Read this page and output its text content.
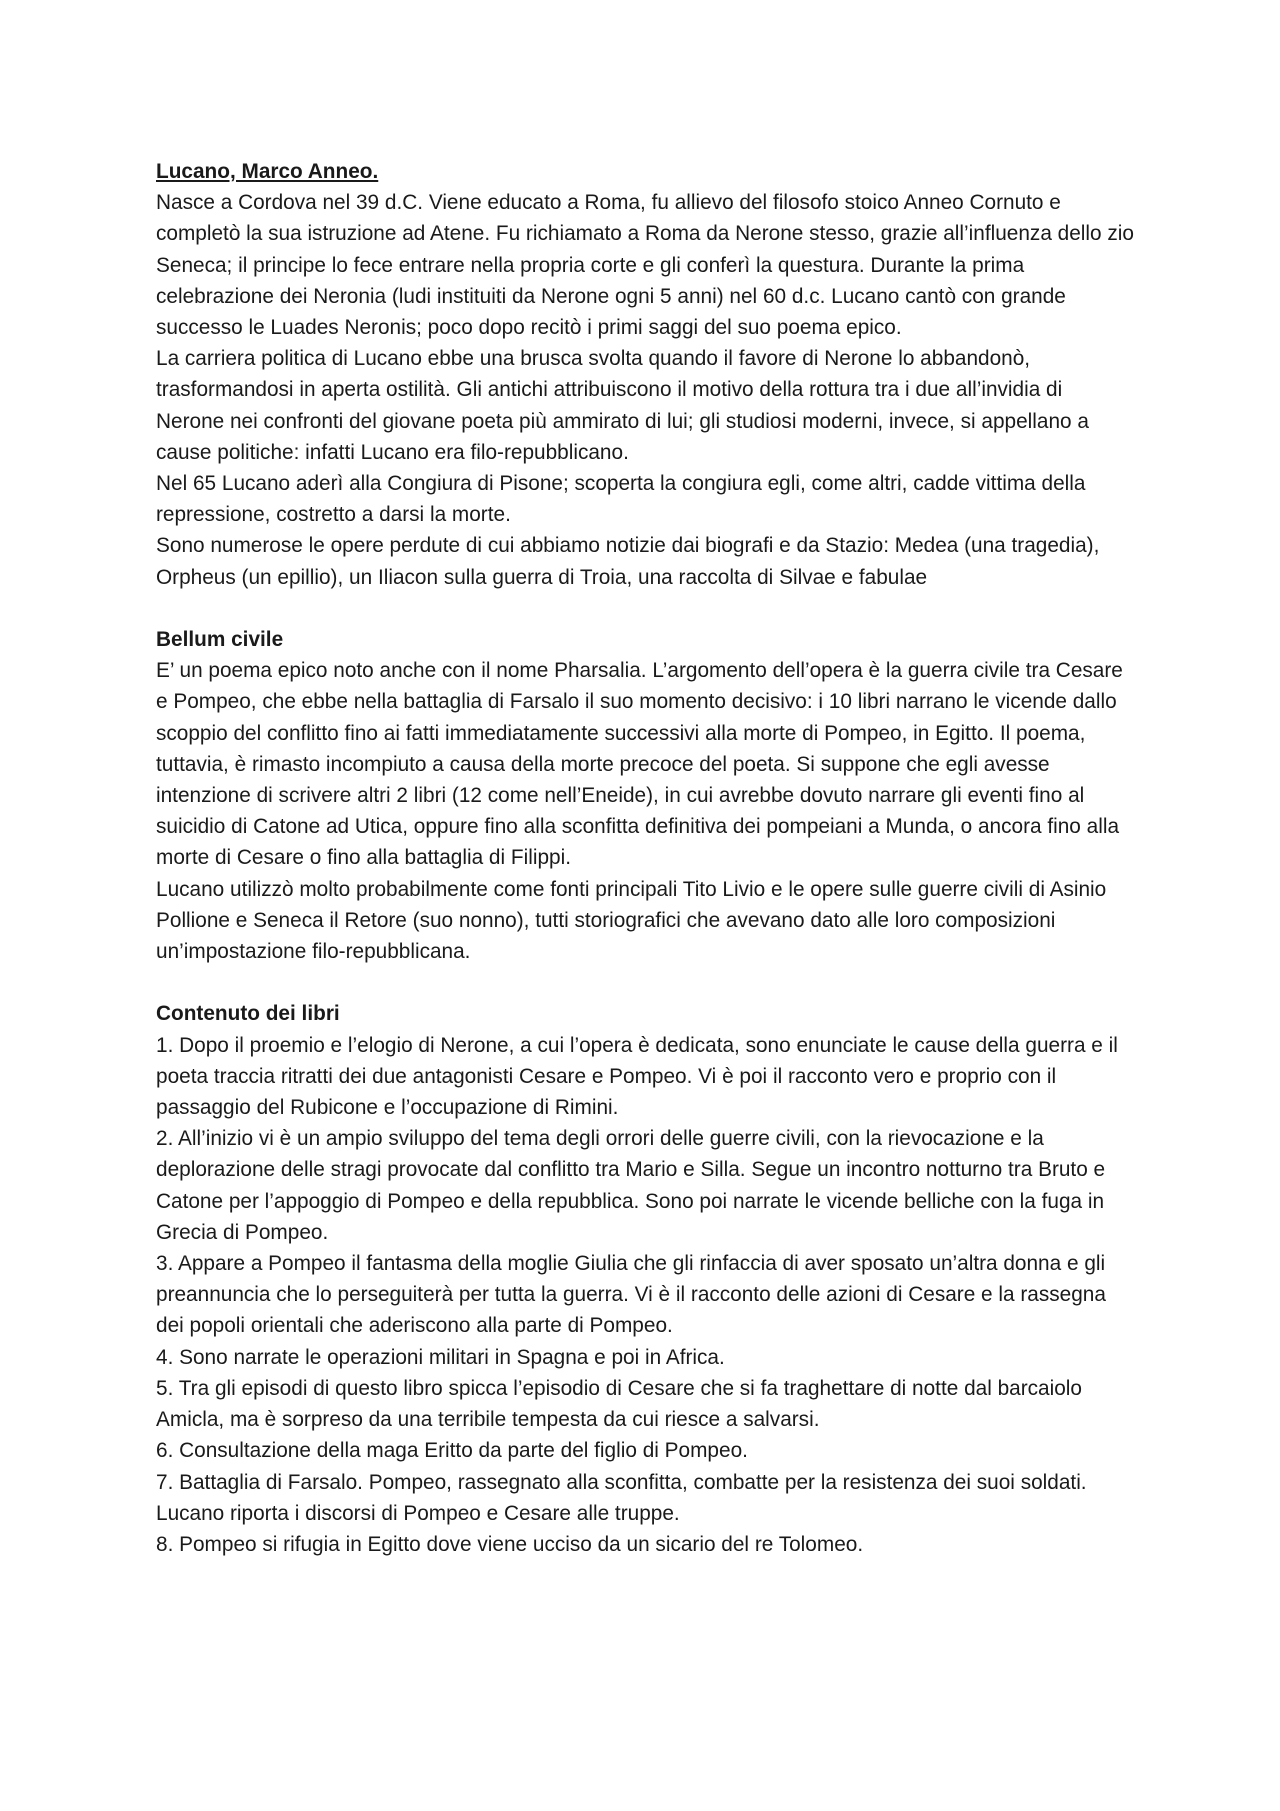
Lucano, Marco Anneo.

Nasce a Cordova nel 39 d.C. Viene educato a Roma, fu allievo del filosofo stoico Anneo Cornuto e completò la sua istruzione ad Atene. Fu richiamato a Roma da Nerone stesso, grazie all’influenza dello zio Seneca; il principe lo fece entrare nella propria corte e gli conferì la questura. Durante la prima celebrazione dei Neronia (ludi instituiti da Nerone ogni 5 anni) nel 60 d.c. Lucano cantò con grande successo le Luades Neronis; poco dopo recitò i primi saggi del suo poema epico.

La carriera politica di Lucano ebbe una brusca svolta quando il favore di Nerone lo abbandonò, trasformandosi in aperta ostilità. Gli antichi attribuiscono il motivo della rottura tra i due all’invidia di Nerone nei confronti del giovane poeta più ammirato di lui; gli studiosi moderni, invece, si appellano a cause politiche: infatti Lucano era filo-repubblicano.

Nel 65 Lucano aderì alla Congiura di Pisone; scoperta la congiura egli, come altri, cadde vittima della repressione, costretto a darsi la morte.

Sono numerose le opere perdute di cui abbiamo notizie dai biografi e da Stazio: Medea (una tragedia), Orpheus (un epillio), un Iliacon sulla guerra di Troia, una raccolta di Silvae e fabulae

Bellum civile

E’ un poema epico noto anche con il nome Pharsalia. L’argomento dell’opera è la guerra civile tra Cesare e Pompeo, che ebbe nella battaglia di Farsalo il suo momento decisivo: i 10 libri narrano le vicende dallo scoppio del conflitto fino ai fatti immediatamente successivi alla morte di Pompeo, in Egitto. Il poema, tuttavia, è rimasto incompiuto a causa della morte precoce del poeta. Si suppone che egli avesse intenzione di scrivere altri 2 libri (12 come nell’Eneide), in cui avrebbe dovuto narrare gli eventi fino al suicidio di Catone ad Utica, oppure fino alla sconfitta definitiva dei pompeiani a Munda, o ancora fino alla morte di Cesare o fino alla battaglia di Filippi.

Lucano utilizzò molto probabilmente come fonti principali Tito Livio e le opere sulle guerre civili di Asinio Pollione e Seneca il Retore (suo nonno), tutti storiografici che avevano dato alle loro composizioni un’impostazione filo-repubblicana.

Contenuto dei libri

1. Dopo il proemio e l’elogio di Nerone, a cui l’opera è dedicata, sono enunciate le cause della guerra e il poeta traccia ritratti dei due antagonisti Cesare e Pompeo. Vi è poi il racconto vero e proprio con il passaggio del Rubicone e l’occupazione di Rimini.

2. All’inizio vi è un ampio sviluppo del tema degli orrori delle guerre civili, con la rievocazione e la deplorazione delle stragi provocate dal conflitto tra Mario e Silla. Segue un incontro notturno tra Bruto e Catone per l’appoggio di Pompeo e della repubblica. Sono poi narrate le vicende belliche con la fuga in Grecia di Pompeo.

3. Appare a Pompeo il fantasma della moglie Giulia che gli rinfaccia di aver sposato un’altra donna e gli preannuncia che lo perseguiterà per tutta la guerra. Vi è il racconto delle azioni di Cesare e la rassegna dei popoli orientali che aderiscono alla parte di Pompeo.

4. Sono narrate le operazioni militari in Spagna e poi in Africa.

5. Tra gli episodi di questo libro spicca l’episodio di Cesare che si fa traghettare di notte dal barcaiolo Amicla, ma è sorpreso da una terribile tempesta da cui riesce a salvarsi.

6. Consultazione della maga Eritto da parte del figlio di Pompeo.

7. Battaglia di Farsalo. Pompeo, rassegnato alla sconfitta, combatte per la resistenza dei suoi soldati. Lucano riporta i discorsi di Pompeo e Cesare alle truppe.

8. Pompeo si rifugia in Egitto dove viene ucciso da un sicario del re Tolomeo.
